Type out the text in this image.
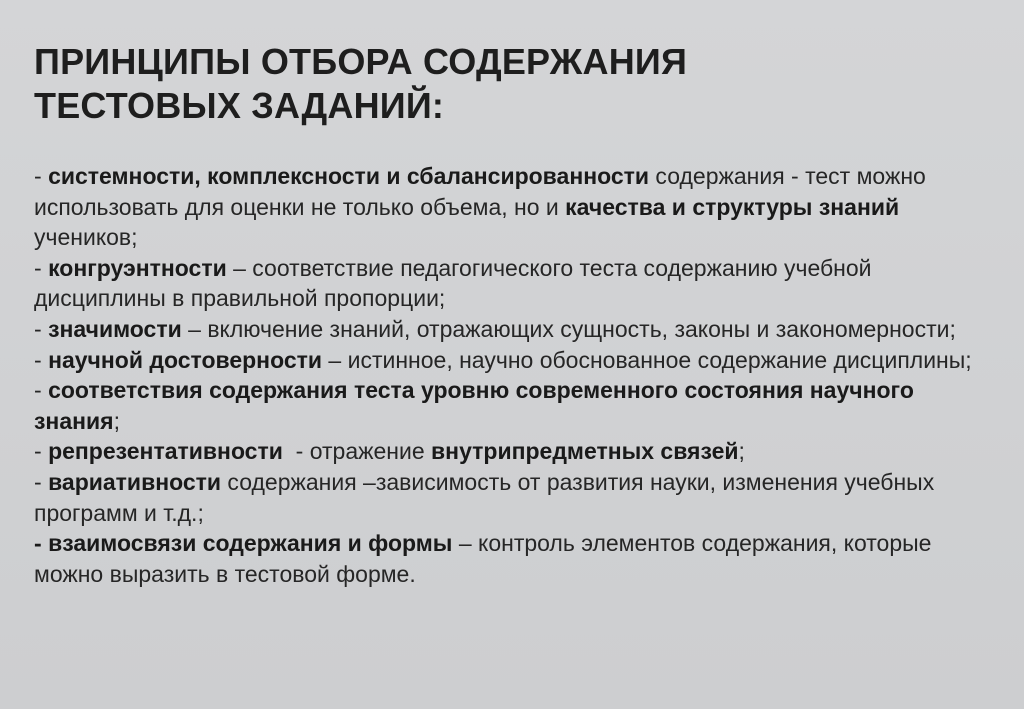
ПРИНЦИПЫ ОТБОРА СОДЕРЖАНИЯ
ТЕСТОВЫХ ЗАДАНИЙ:

- системности, комплексности и сбалансированности содержания - тест можно использовать для оценки не только объема, но и качества и структуры знаний учеников;

- конгруэнтности – соответствие педагогического теста содержанию учебной дисциплины в правильной пропорции;

- значимости – включение знаний, отражающих сущность, законы и закономерности;

- научной достоверности – истинное, научно обоснованное содержание дисциплины;

- соответствия содержания теста уровню современного состояния научного знания;

- репрезентативности  - отражение внутрипредметных связей;

- вариативности содержания –зависимость от развития науки, изменения учебных программ и т.д.;

- взаимосвязи содержания и формы – контроль элементов содержания, которые можно выразить в тестовой форме.
